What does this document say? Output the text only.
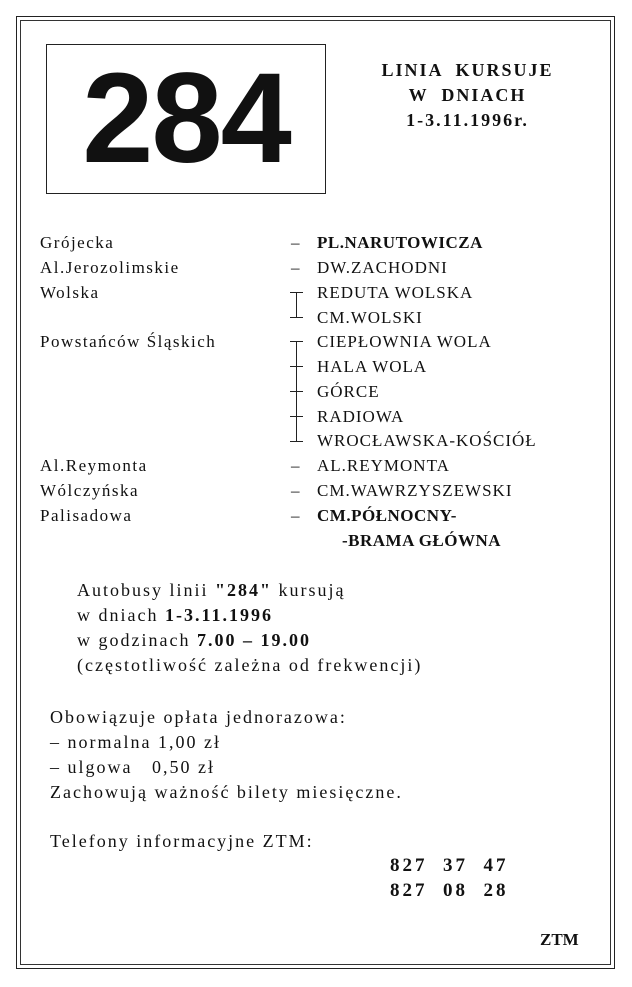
284	LINIA  KURSUJE
W  DNIACH
1-3.11.1996r.
Grójecka
Al.Jerozolimskie
Wolska
Powstańców Śląskich
Al.Reymonta
Wólczyńska
Palisadowa
–
–
–
–
–
PL.NARUTOWICZA
DW.ZACHODNI
REDUTA WOLSKA
CM.WOLSKI
CIEPŁOWNIA WOLA
HALA WOLA
GÓRCE
RADIOWA
WROCŁAWSKA-KOŚCIÓŁ
AL.REYMONTA
CM.WAWRZYSZEWSKI
CM.PÓŁNOCNY-
-BRAMA GŁÓWNA
Autobusy linii "284" kursują
w dniach 1-3.11.1996
w godzinach 7.00 – 19.00
(częstotliwość zależna od frekwencji)
Obowiązuje opłata jednorazowa:
– normalna 1,00 zł
– ulgowa   0,50 zł
Zachowują ważność bilety miesięczne.
Telefony informacyjne ZTM:
827  37  47
827  08  28
ZTM
